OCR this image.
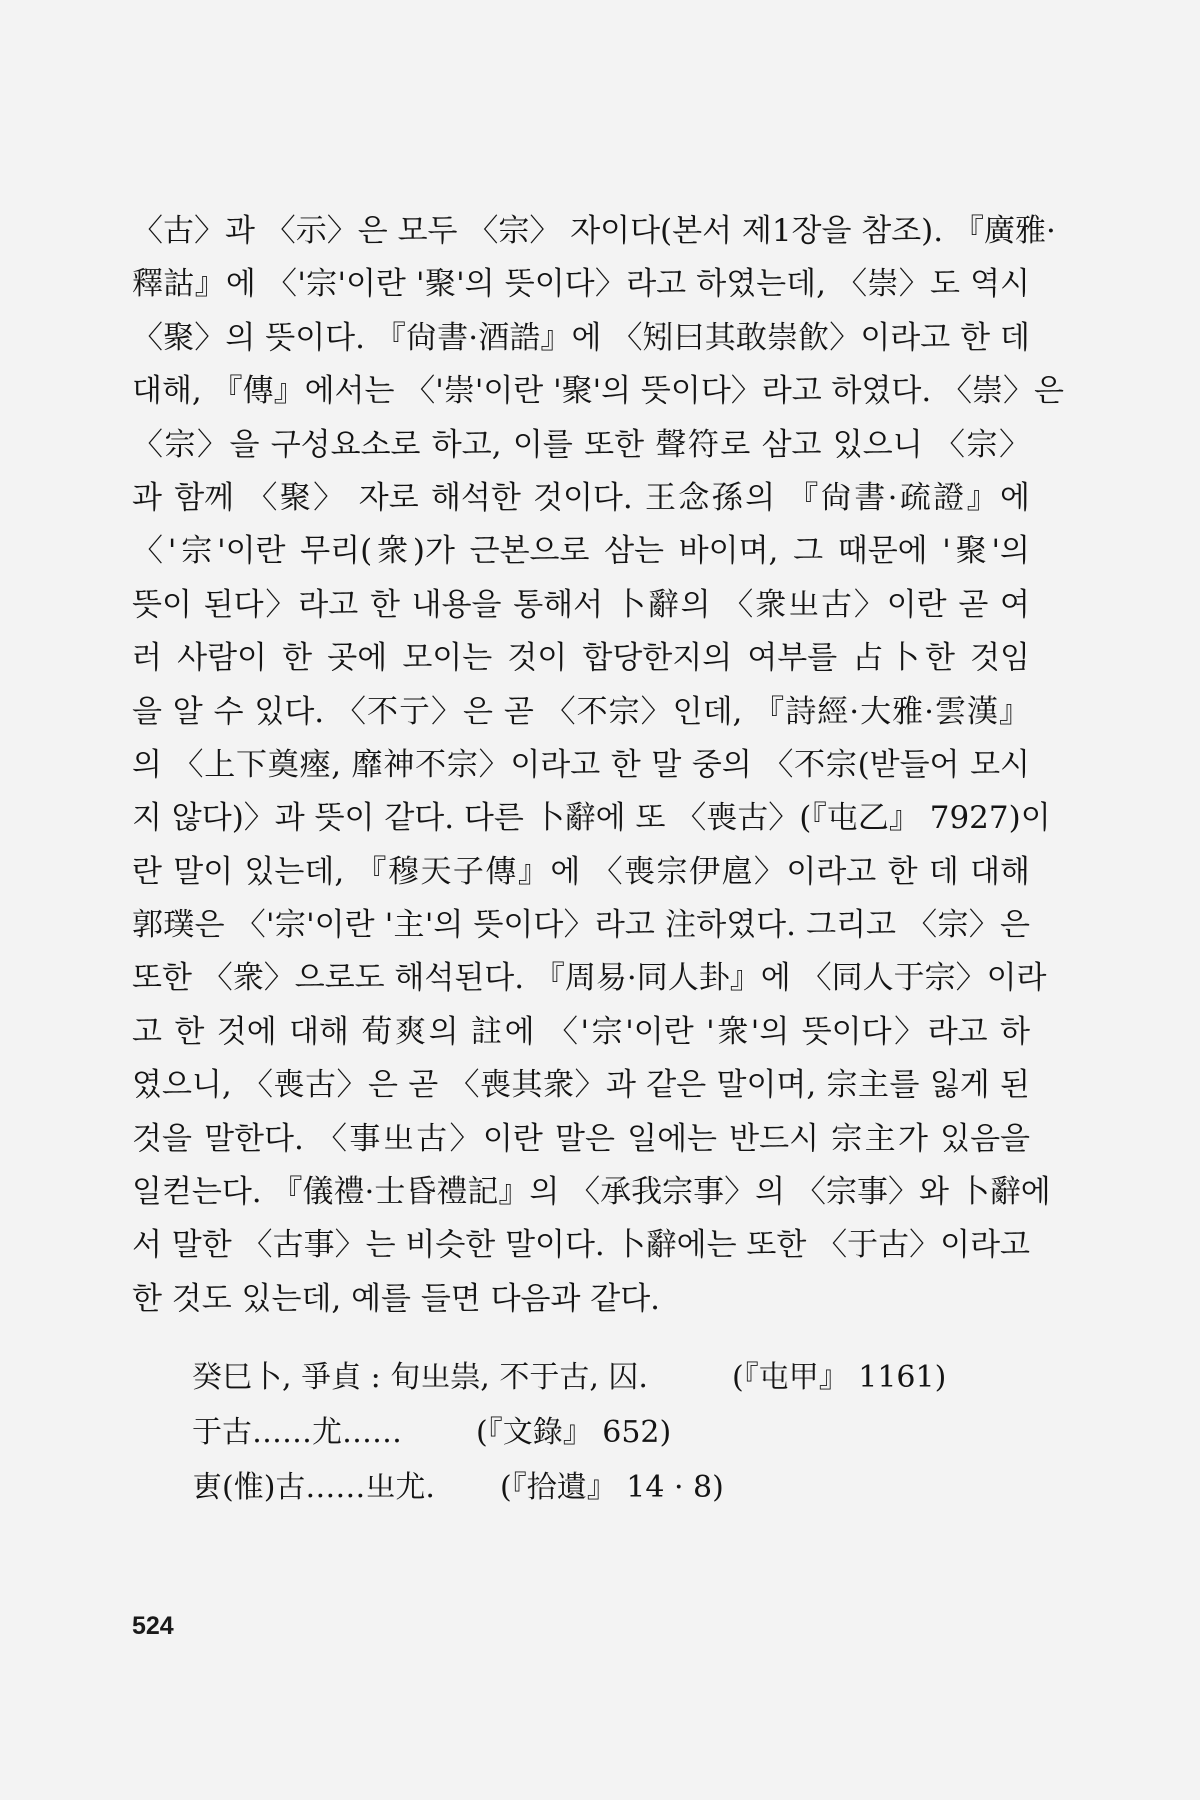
〈古〉과 〈示〉은 모두 〈宗〉 자이다(본서 제1장을 참조). 『廣雅·
釋詁』에 〈'宗'이란 '聚'의 뜻이다〉라고 하였는데, 〈崇〉도 역시
〈聚〉의 뜻이다. 『尙書·酒誥』에 〈矧曰其敢崇飮〉이라고 한 데
대해, 『傳』에서는 〈'崇'이란 '聚'의 뜻이다〉라고 하였다. 〈崇〉은
〈宗〉을 구성요소로 하고, 이를 또한 聲符로 삼고 있으니 〈宗〉
과 함께 〈聚〉 자로 해석한 것이다. 王念孫의 『尙書·疏證』에
〈'宗'이란 무리(衆)가 근본으로 삼는 바이며, 그 때문에 '聚'의
뜻이 된다〉라고 한 내용을 통해서 卜辭의 〈衆㞢古〉이란 곧 여
러 사람이 한 곳에 모이는 것이 합당한지의 여부를 占卜한 것임
을 알 수 있다. 〈不亍〉은 곧 〈不宗〉인데, 『詩經·大雅·雲漢』
의 〈上下奠瘞, 靡神不宗〉이라고 한 말 중의 〈不宗(받들어 모시
지 않다)〉과 뜻이 같다. 다른 卜辭에 또 〈喪古〉(『屯乙』 7927)이
란 말이 있는데, 『穆天子傳』에 〈喪宗伊扈〉이라고 한 데 대해
郭璞은 〈'宗'이란 '主'의 뜻이다〉라고 注하였다. 그리고 〈宗〉은
또한 〈衆〉으로도 해석된다. 『周易·同人卦』에 〈同人于宗〉이라
고 한 것에 대해 荀爽의 註에 〈'宗'이란 '衆'의 뜻이다〉라고 하
였으니, 〈喪古〉은 곧 〈喪其衆〉과 같은 말이며, 宗主를 잃게 된
것을 말한다. 〈事㞢古〉이란 말은 일에는 반드시 宗主가 있음을
일컫는다. 『儀禮·士昏禮記』의 〈承我宗事〉의 〈宗事〉와 卜辭에
서 말한 〈古事〉는 비슷한 말이다. 卜辭에는 또한 〈于古〉이라고
한 것도 있는데, 예를 들면 다음과 같다.
癸巳卜, 爭貞 : 旬㞢祟, 不于古, 囚.	(『屯甲』 1161)
于古……尤……	(『文錄』 652)
叀(惟)古……㞢尤.	(『拾遺』 14 · 8)
524
